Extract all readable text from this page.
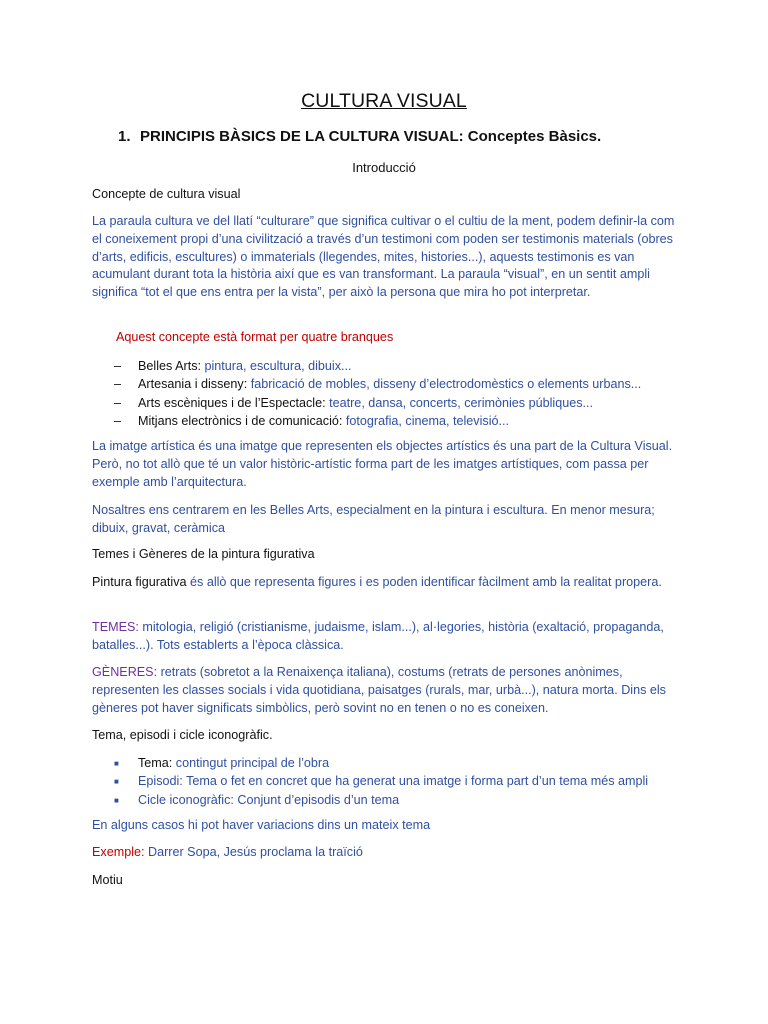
CULTURA VISUAL
1. PRINCIPIS BÀSICS DE LA CULTURA VISUAL: Conceptes Bàsics.
Introducció

Concepte de cultura visual

La paraula cultura ve del llatí “culturare” que significa cultivar o el cultiu de la ment, podem definir-la com el coneixement propi d’una civilització a través d’un testimoni com poden ser testimonis materials (obres d’arts, edificis, escultures) o immaterials (llegendes, mites, histories...), aquests testimonis es van acumulant durant tota la història així que es van transformant. La paraula “visual”, en un sentit ampli significa “tot el que ens entra per la vista”, per això la persona que mira ho pot interpretar.

Aquest concepte està format per quatre branques

– Belles Arts: pintura, escultura, dibuix...
– Artesania i disseny: fabricació de mobles, disseny d’electrodomèstics o elements urbans...
– Arts escèniques i de l’Espectacle: teatre, dansa, concerts, cerimònies públiques...
– Mitjans electrònics i de comunicació: fotografia, cinema, televisió...

La imatge artística és una imatge que representen els objectes artístics és una part de la Cultura Visual. Però, no tot allò que té un valor històric-artístic forma part de les imatges artístiques, com passa per exemple amb l’arquitectura.

Nosaltres ens centrarem en les Belles Arts, especialment en la pintura i escultura. En menor mesura; dibuix, gravat, ceràmica

Temes i Gèneres de la pintura figurativa

Pintura figurativa és allò que representa figures i es poden identificar fàcilment amb la realitat propera.

TEMES: mitologia, religió (cristianisme, judaisme, islam...), al·legories, història (exaltació, propaganda, batalles...). Tots establerts a l’època clàssica.

GÈNERES: retrats (sobretot a la Renaixença italiana), costums (retrats de persones anònimes, representen les classes socials i vida quotidiana, paisatges (rurals, mar, urbà...), natura morta. Dins els gèneres pot haver significats simbòlics, però sovint no en tenen o no es coneixen.

Tema, episodi i cicle iconogràfic.

■ Tema: contingut principal de l’obra
■ Episodi: Tema o fet en concret que ha generat una imatge i forma part d’un tema més ampli
■ Cicle iconogràfic: Conjunt d’episodis d’un tema

En alguns casos hi pot haver variacions dins un mateix tema

Exemple: Darrer Sopa, Jesús proclama la traïció

Motiu
